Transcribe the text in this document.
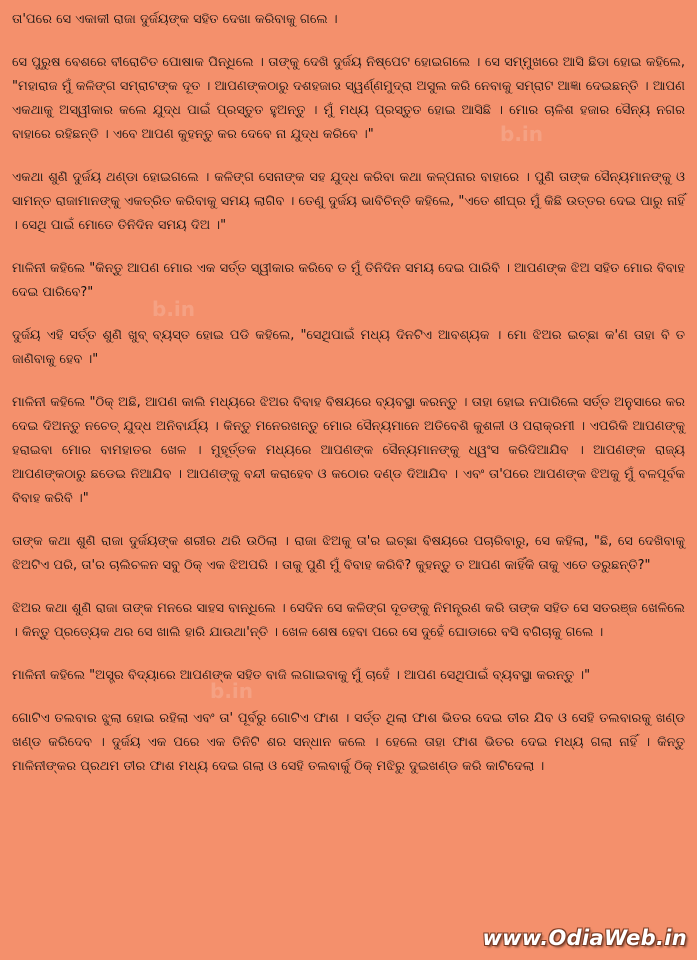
ତା'ପରେ ସେ ଏକାକୀ ରାଜା ଦୁର୍ଜୟଙ୍କ ସହିତ ଦେଖା କରିବାକୁ ଗଲେ ।

ସେ ପୁରୁଷ ବେଶରେ ବୀରୋଚିତ ପୋଷାକ ପିନ୍ଧିଲେ । ତାଙ୍କୁ ଦେଖି ଦୁର୍ଜୟ ନିଷ୍ପେଟ ହୋଇଗଲେ । ସେ ସମ୍ମୁଖରେ ଆସି ଛିଡା ହୋଇ କହିଲେ, "ମହାରାଜ ମୁଁ କଳିଙ୍ଗ ସମ୍ରାଟଙ୍କ ଦୂତ । ଆପଣଙ୍କଠାରୁ ଦଶହଜାର ସ୍ୱର୍ଣ୍ଣମୁଦ୍ରା ଅସୁଲ କରି ନେବାକୁ ସମ୍ରାଟ ଆଜ୍ଞା ଦେଇଛନ୍ତି । ଆପଣ ଏକଥାକୁ ଅସ୍ୱୀକାର କଲେ ଯୁଦ୍ଧ ପାଇଁ ପ୍ରସ୍ତୁତ ହୁଅନ୍ତୁ । ମୁଁ ମଧ୍ୟ ପ୍ରସ୍ତୁତ ହୋଇ ଆସିଛି । ମୋର ଚାଳିଶ ହଜାର ସୈନ୍ୟ ନଗର ବାହାରେ ରହିଛନ୍ତି । ଏବେ ଆପଣ କୁହନ୍ତୁ କର ଦେବେ ନା ଯୁଦ୍ଧ କରିବେ ।"

ଏକଥା ଶୁଣି ଦୁର୍ଜୟ ଥଣ୍ଡା ହୋଇଗଲେ । କଳିଙ୍ଗ ସେନାଙ୍କ ସହ ଯୁଦ୍ଧ କରିବା କଥା କଳ୍ପନାର ବାହାରେ । ପୁଣି ତାଙ୍କ ସୈନ୍ୟମାନଙ୍କୁ ଓ ସାମନ୍ତ ରାଜାମାନଙ୍କୁ ଏକତ୍ରିତ କରିବାକୁ ସମୟ ଲାଗିବ । ତେଣୁ ଦୁର୍ଜୟ ଭାବିଚିନ୍ତି କହିଲେ, "ଏତେ ଶୀଘ୍ର ମୁଁ କିଛି ଉତ୍ତର ଦେଇ ପାରୁ ନାହିଁ । ସେଥି ପାଇଁ ମୋତେ ତିନିଦିନ ସମୟ ଦିଅ ।"

ମାଳିନୀ କହିଲେ "କିନ୍ତୁ ଆପଣ ମୋର ଏକ ସର୍ତ୍ତ ସ୍ୱୀକାର କରିବେ ତ ମୁଁ ତିନିଦିନ ସମୟ ଦେଇ ପାରିବି । ଆପଣଙ୍କ ଝିଅ ସହିତ ମୋର ବିବାହ ଦେଇ ପାରିବେ?"

ଦୁର୍ଜୟ ଏହି ସର୍ତ୍ତ ଶୁଣି ଖୁବ୍ ବ୍ୟସ୍ତ ହୋଇ ପଡି କହିଲେ, "ସେଥିପାଇଁ ମଧ୍ୟ ଦିନଟିଏ ଆବଶ୍ୟକ । ମୋ ଝିଅର ଇଚ୍ଛା କ'ଣ ତାହା ବି ତ ଜାଣିବାକୁ ହେବ ।"

ମାଳିନୀ କହିଲେ "ଠିକ୍ ଅଛି, ଆପଣ କାଲି ମଧ୍ୟରେ ଝିଅର ବିବାହ ବିଷୟରେ ବ୍ୟବସ୍ଥା କରନ୍ତୁ । ତାହା ହୋଇ ନପାରିଲେ ସର୍ତ୍ତ ଅନୁସାରେ କର ଦେଇ ଦିଅନ୍ତୁ ନଚେତ୍ ଯୁଦ୍ଧ ଅନିବାର୍ଯ୍ୟ । କିନ୍ତୁ ମନେରଖନ୍ତୁ ମୋର ସୈନ୍ୟମାନେ ଅତିବେଶି କୁଶଳୀ ଓ ପରାକ୍ରମୀ । ଏପରିକି ଆପଣଙ୍କୁ ହରାଇବା ମୋର ବାମହାତର ଖେଳ । ମୁହୂର୍ତ୍ତକ ମଧ୍ୟରେ ଆପଣଙ୍କ ସୈନ୍ୟମାନଙ୍କୁ ଧ୍ୱଂସ କରିଦିଆଯିବ । ଆପଣଙ୍କ ରାଜ୍ୟ ଆପଣଙ୍କଠାରୁ ଛଡେଇ ନିଆଯିବ । ଆପଣଙ୍କୁ ବନ୍ଦୀ କରାହେବ ଓ କଠୋର ଦଣ୍ଡ ଦିଆଯିବ । ଏବଂ ତା'ପରେ ଆପଣଙ୍କ ଝିଅକୁ ମୁଁ ବଳପୂର୍ବକ ବିବାହ କରିବି ।"

ତାଙ୍କ କଥା ଶୁଣି ରାଜା ଦୁର୍ଜୟଙ୍କ ଶରୀର ଥରି ଉଠିଲା । ରାଜା ଝିଅକୁ ତା'ର ଇଚ୍ଛା ବିଷୟରେ ପଚାରିବାରୁ, ସେ କହିଲା, "ଛି, ସେ ଦେଖିବାକୁ ଝିଅଟିଏ ପରି, ତା'ର ଚାଲିଚଳନ ସବୁ ଠିକ୍ ଏକ ଝିଅପରି । ତାକୁ ପୁଣି ମୁଁ ବିବାହ କରିବି? କୁହନ୍ତୁ ତ ଆପଣ କାହିଁକି ତାକୁ ଏତେ ଡରୁଛନ୍ତି?"

ଝିଅର କଥା ଶୁଣି ରାଜା ତାଙ୍କ ମନରେ ସାହସ ବାନ୍ଧିଲେ । ସେଦିନ ସେ କଳିଙ୍ଗ ଦୂତଙ୍କୁ ନିମନ୍ତ୍ରଣ କରି ତାଙ୍କ ସହିତ ସେ ସତରଞ୍ଜ ଖେଳିଲେ । କିନ୍ତୁ ପ୍ରତ୍ୟେକ ଥର ସେ ଖାଲି ହାରି ଯାଉଥା'ନ୍ତି । ଖେଳ ଶେଷ ହେବା ପରେ ସେ ଦୁହେଁ ଘୋଡାରେ ବସି ବଗିଚାକୁ ଗଲେ ।

ମାଳିନୀ କହିଲେ "ଅସ୍ତ୍ର ବିଦ୍ୟାରେ ଆପଣଙ୍କ ସହିତ ବାଜି ଲଗାଇବାକୁ ମୁଁ ଚାହେଁ । ଆପଣ ସେଥିପାଇଁ ବ୍ୟବସ୍ଥା କରନ୍ତୁ ।"

ଗୋଟିଏ ତଲବାର ଝୁଲା ହୋଇ ରହିଲା ଏବଂ ତା' ପୂର୍ବରୁ ଗୋଟିଏ ଫାଶ । ସର୍ତ୍ତ ଥିଲା ଫାଶ ଭିତର ଦେଇ ତୀର ଯିବ ଓ ସେହି ତଲବାରକୁ ଖଣ୍ଡ ଖଣ୍ଡ କରିଦେବ । ଦୁର୍ଜୟ ଏକ ପରେ ଏକ ତିନିଟି ଶର ସନ୍ଧାନ କଲେ । ହେଲେ ତାହା ଫାଶ ଭିତର ଦେଇ ମଧ୍ୟ ଗଲା ନାହିଁ । କିନ୍ତୁ ମାଳିନୀଙ୍କର ପ୍ରଥମ ତୀର ଫାଶ ମଧ୍ୟ ଦେଇ ଗଲା ଓ ସେହି ତଲବାର୍କୁ ଠିକ୍ ମଝିରୁ ଦୁଇଖଣ୍ଡ କରି କାଟିଦେଲା ।

b.in
b.in
b.in
www.OdiaWeb.in
